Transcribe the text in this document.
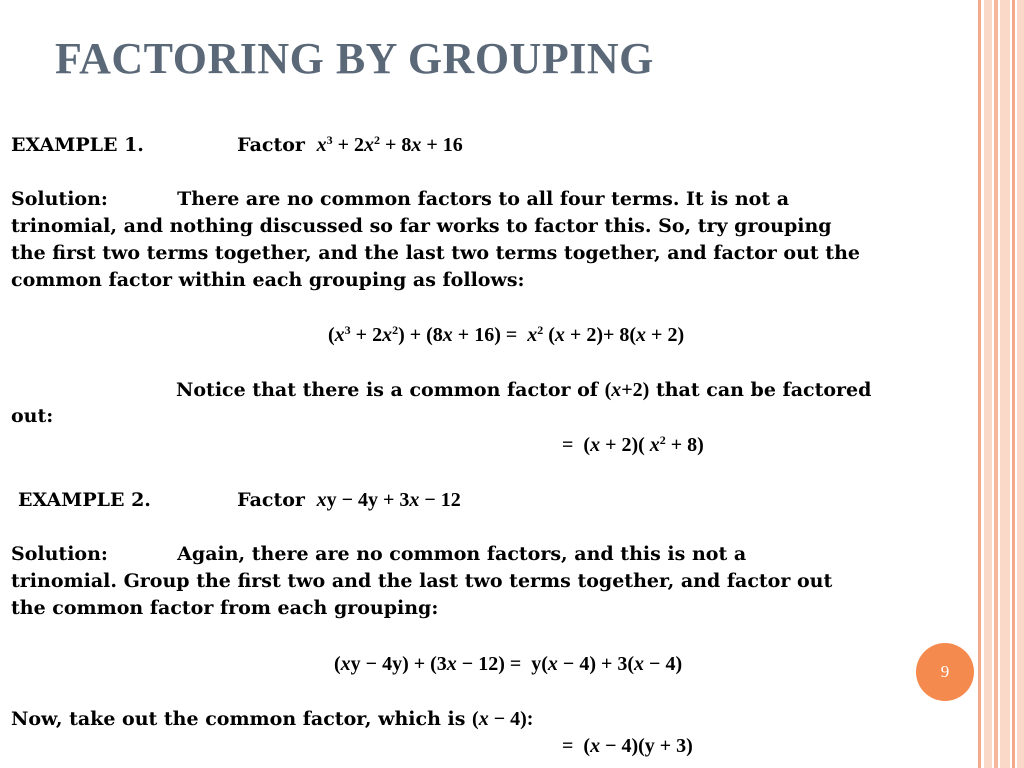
FACTORING BY GROUPING
EXAMPLE 1.	Factor $x^3 + 2x^2 + 8x + 16$
Solution:	There are no common factors to all four terms. It is not a
trinomial, and nothing discussed so far works to factor this. So, try grouping
the first two terms together, and the last two terms together, and factor out the
common factor within each grouping as follows:
$(x^3 + 2x^2) + (8x + 16) = x^2$ (x + 2)+ 8(x + 2)
Notice that there is a common factor of (x+2) that can be factored
out:
=  (x + 2)( $x^2 + 8$)
EXAMPLE 2.	Factor xy − 4y + 3x − 12
Solution:	Again, there are no common factors, and this is not a
trinomial. Group the first two and the last two terms together, and factor out
the common factor from each grouping:
(xy − 4y) + (3x − 12) =  y(x − 4) + 3(x − 4)
Now, take out the common factor, which is (x − 4):
=  (x − 4)(y + 3)
9
